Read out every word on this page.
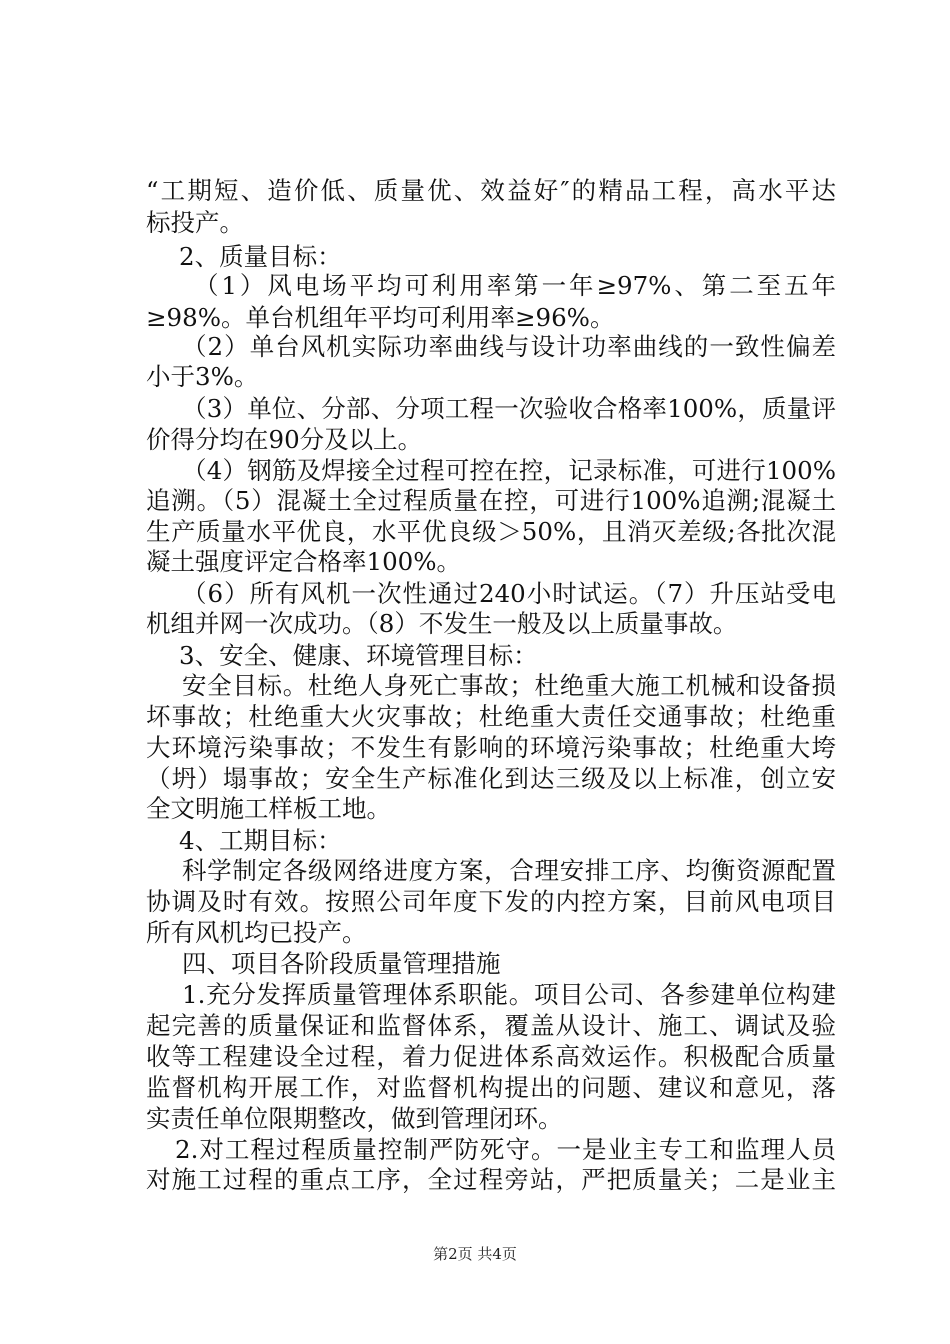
“工期短、造价低、质量优、效益好″的精品工程，高水平达
标投产。
2、质量目标：
（1）风电场平均可利用率第一年≥97%、第二至五年
≥98%。单台机组年平均可利用率≥96%。
（2）单台风机实际功率曲线与设计功率曲线的一致性偏差
小于3%。
（3）单位、分部、分项工程一次验收合格率100%，质量评
价得分均在90分及以上。
（4）钢筋及焊接全过程可控在控，记录标准，可进行100%
追溯。（5）混凝土全过程质量在控，可进行100%追溯;混凝土
生产质量水平优良，水平优良级＞50%，且消灭差级;各批次混
凝土强度评定合格率100%。
（6）所有风机一次性通过240小时试运。（7）升压站受电
机组并网一次成功。（8）不发生一般及以上质量事故。
3、安全、健康、环境管理目标：
安全目标。杜绝人身死亡事故；杜绝重大施工机械和设备损
坏事故；杜绝重大火灾事故；杜绝重大责任交通事故；杜绝重
大环境污染事故；不发生有影响的环境污染事故；杜绝重大垮
（坍）塌事故；安全生产标准化到达三级及以上标准，创立安
全文明施工样板工地。
4、工期目标：
科学制定各级网络进度方案，合理安排工序、均衡资源配置
协调及时有效。按照公司年度下发的内控方案，目前风电项目
所有风机均已投产。
四、项目各阶段质量管理措施
1.充分发挥质量管理体系职能。项目公司、各参建单位构建
起完善的质量保证和监督体系，覆盖从设计、施工、调试及验
收等工程建设全过程，着力促进体系高效运作。积极配合质量
监督机构开展工作，对监督机构提出的问题、建议和意见，落
实责任单位限期整改，做到管理闭环。
2.对工程过程质量控制严防死守。一是业主专工和监理人员
对施工过程的重点工序，全过程旁站，严把质量关；二是业主
第2页 共4页
